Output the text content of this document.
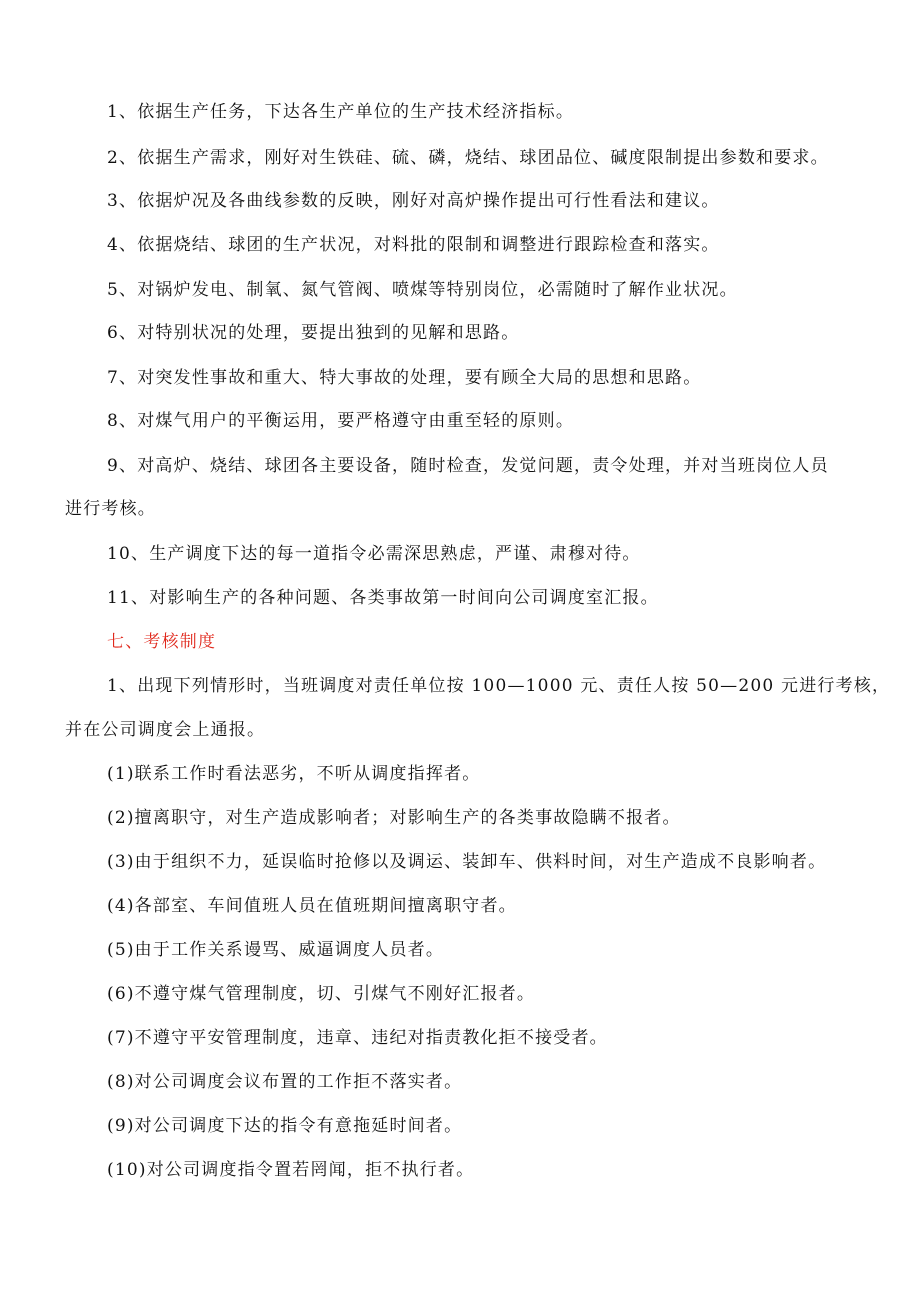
1、依据生产任务，下达各生产单位的生产技术经济指标。
2、依据生产需求，刚好对生铁硅、硫、磷，烧结、球团品位、碱度限制提出参数和要求。
3、依据炉况及各曲线参数的反映，刚好对高炉操作提出可行性看法和建议。
4、依据烧结、球团的生产状况，对料批的限制和调整进行跟踪检查和落实。
5、对锅炉发电、制氧、氮气管阀、喷煤等特别岗位，必需随时了解作业状况。
6、对特别状况的处理，要提出独到的见解和思路。
7、对突发性事故和重大、特大事故的处理，要有顾全大局的思想和思路。
8、对煤气用户的平衡运用，要严格遵守由重至轻的原则。
9、对高炉、烧结、球团各主要设备，随时检查，发觉问题，责令处理，并对当班岗位人员
进行考核。
10、生产调度下达的每一道指令必需深思熟虑，严谨、肃穆对待。
11、对影响生产的各种问题、各类事故第一时间向公司调度室汇报。
七、考核制度
1、出现下列情形时，当班调度对责任单位按 100—1000 元、责任人按 50—200 元进行考核，
并在公司调度会上通报。
(1)联系工作时看法恶劣，不听从调度指挥者。
(2)擅离职守，对生产造成影响者；对影响生产的各类事故隐瞒不报者。
(3)由于组织不力，延误临时抢修以及调运、装卸车、供料时间，对生产造成不良影响者。
(4)各部室、车间值班人员在值班期间擅离职守者。
(5)由于工作关系谩骂、威逼调度人员者。
(6)不遵守煤气管理制度，切、引煤气不刚好汇报者。
(7)不遵守平安管理制度，违章、违纪对指责教化拒不接受者。
(8)对公司调度会议布置的工作拒不落实者。
(9)对公司调度下达的指令有意拖延时间者。
(10)对公司调度指令置若罔闻，拒不执行者。
